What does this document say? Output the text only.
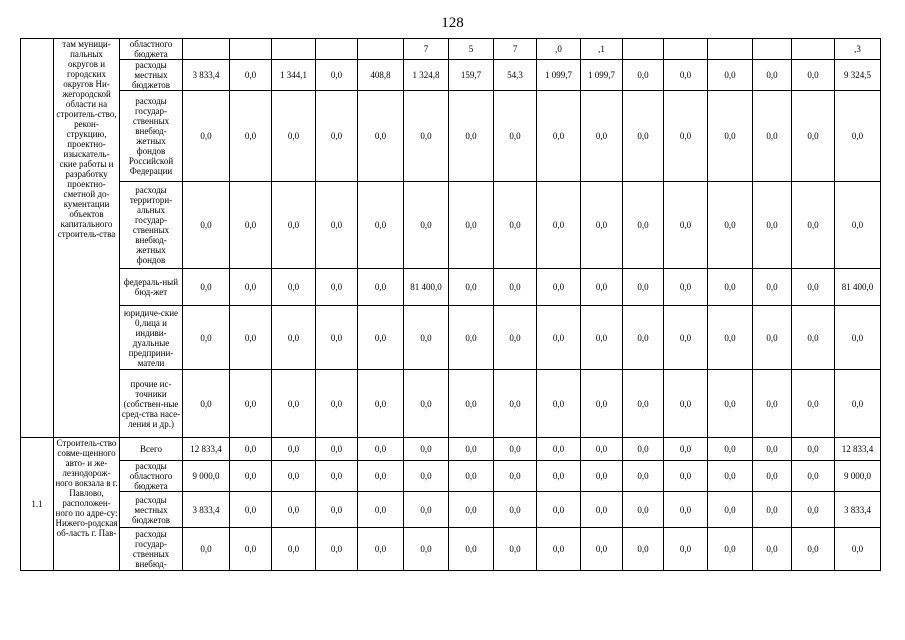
128
	там муници-пальных округов и городских округов Ни-жегородской области на строитель-ство, рекон-струкцию, проектно-изыскатель-ские работы и разработку проектно-сметной до-кументации объектов капитального строитель-ства	областного бюджета						7	5	7	,0	,1						,3
		расходы местных бюджетов	3 833,4	0,0	1 344,1	0,0	408,8	1 324,8	159,7	54,3	1 099,7	1 099,7	0,0	0,0	0,0	0,0	0,0	9 324,5
		расходы государ-ственных внебюд-жетных фондов Российской Федерации	0,0	0,0	0,0	0,0	0,0	0,0	0,0	0,0	0,0	0,0	0,0	0,0	0,0	0,0	0,0	0,0
		расходы территори-альных государ-ственных внебюд-жетных фондов	0,0	0,0	0,0	0,0	0,0	0,0	0,0	0,0	0,0	0,0	0,0	0,0	0,0	0,0	0,0	0,0
		федераль-ный бюд-жет	0,0	0,0	0,0	0,0	0,0	81 400,0	0,0	0,0	0,0	0,0	0,0	0,0	0,0	0,0	0,0	81 400,0
		юридиче-ские 0,лица и индиви-дуальные предприни-матели	0,0	0,0	0,0	0,0	0,0	0,0	0,0	0,0	0,0	0,0	0,0	0,0	0,0	0,0	0,0	0,0
		прочие ис-точники (собствен-ные сред-ства насе-ления и др.)	0,0	0,0	0,0	0,0	0,0	0,0	0,0	0,0	0,0	0,0	0,0	0,0	0,0	0,0	0,0	0,0
1.1	Строитель-ство совме-щенного авто- и же-лезнодорож-ного вокзала в г. Павлово, расположен-ного по адре-су: Нижего-родская об-ласть г. Пав-	Всего	12 833,4	0,0	0,0	0,0	0,0	0,0	0,0	0,0	0,0	0,0	0,0	0,0	0,0	0,0	0,0	12 833,4
		расходы областного бюджета	9 000,0	0,0	0,0	0,0	0,0	0,0	0,0	0,0	0,0	0,0	0,0	0,0	0,0	0,0	0,0	9 000,0
		расходы местных бюджетов	3 833,4	0,0	0,0	0,0	0,0	0,0	0,0	0,0	0,0	0,0	0,0	0,0	0,0	0,0	0,0	3 833,4
		расходы государ-ственных внебюд-	0,0	0,0	0,0	0,0	0,0	0,0	0,0	0,0	0,0	0,0	0,0	0,0	0,0	0,0	0,0	0,0
